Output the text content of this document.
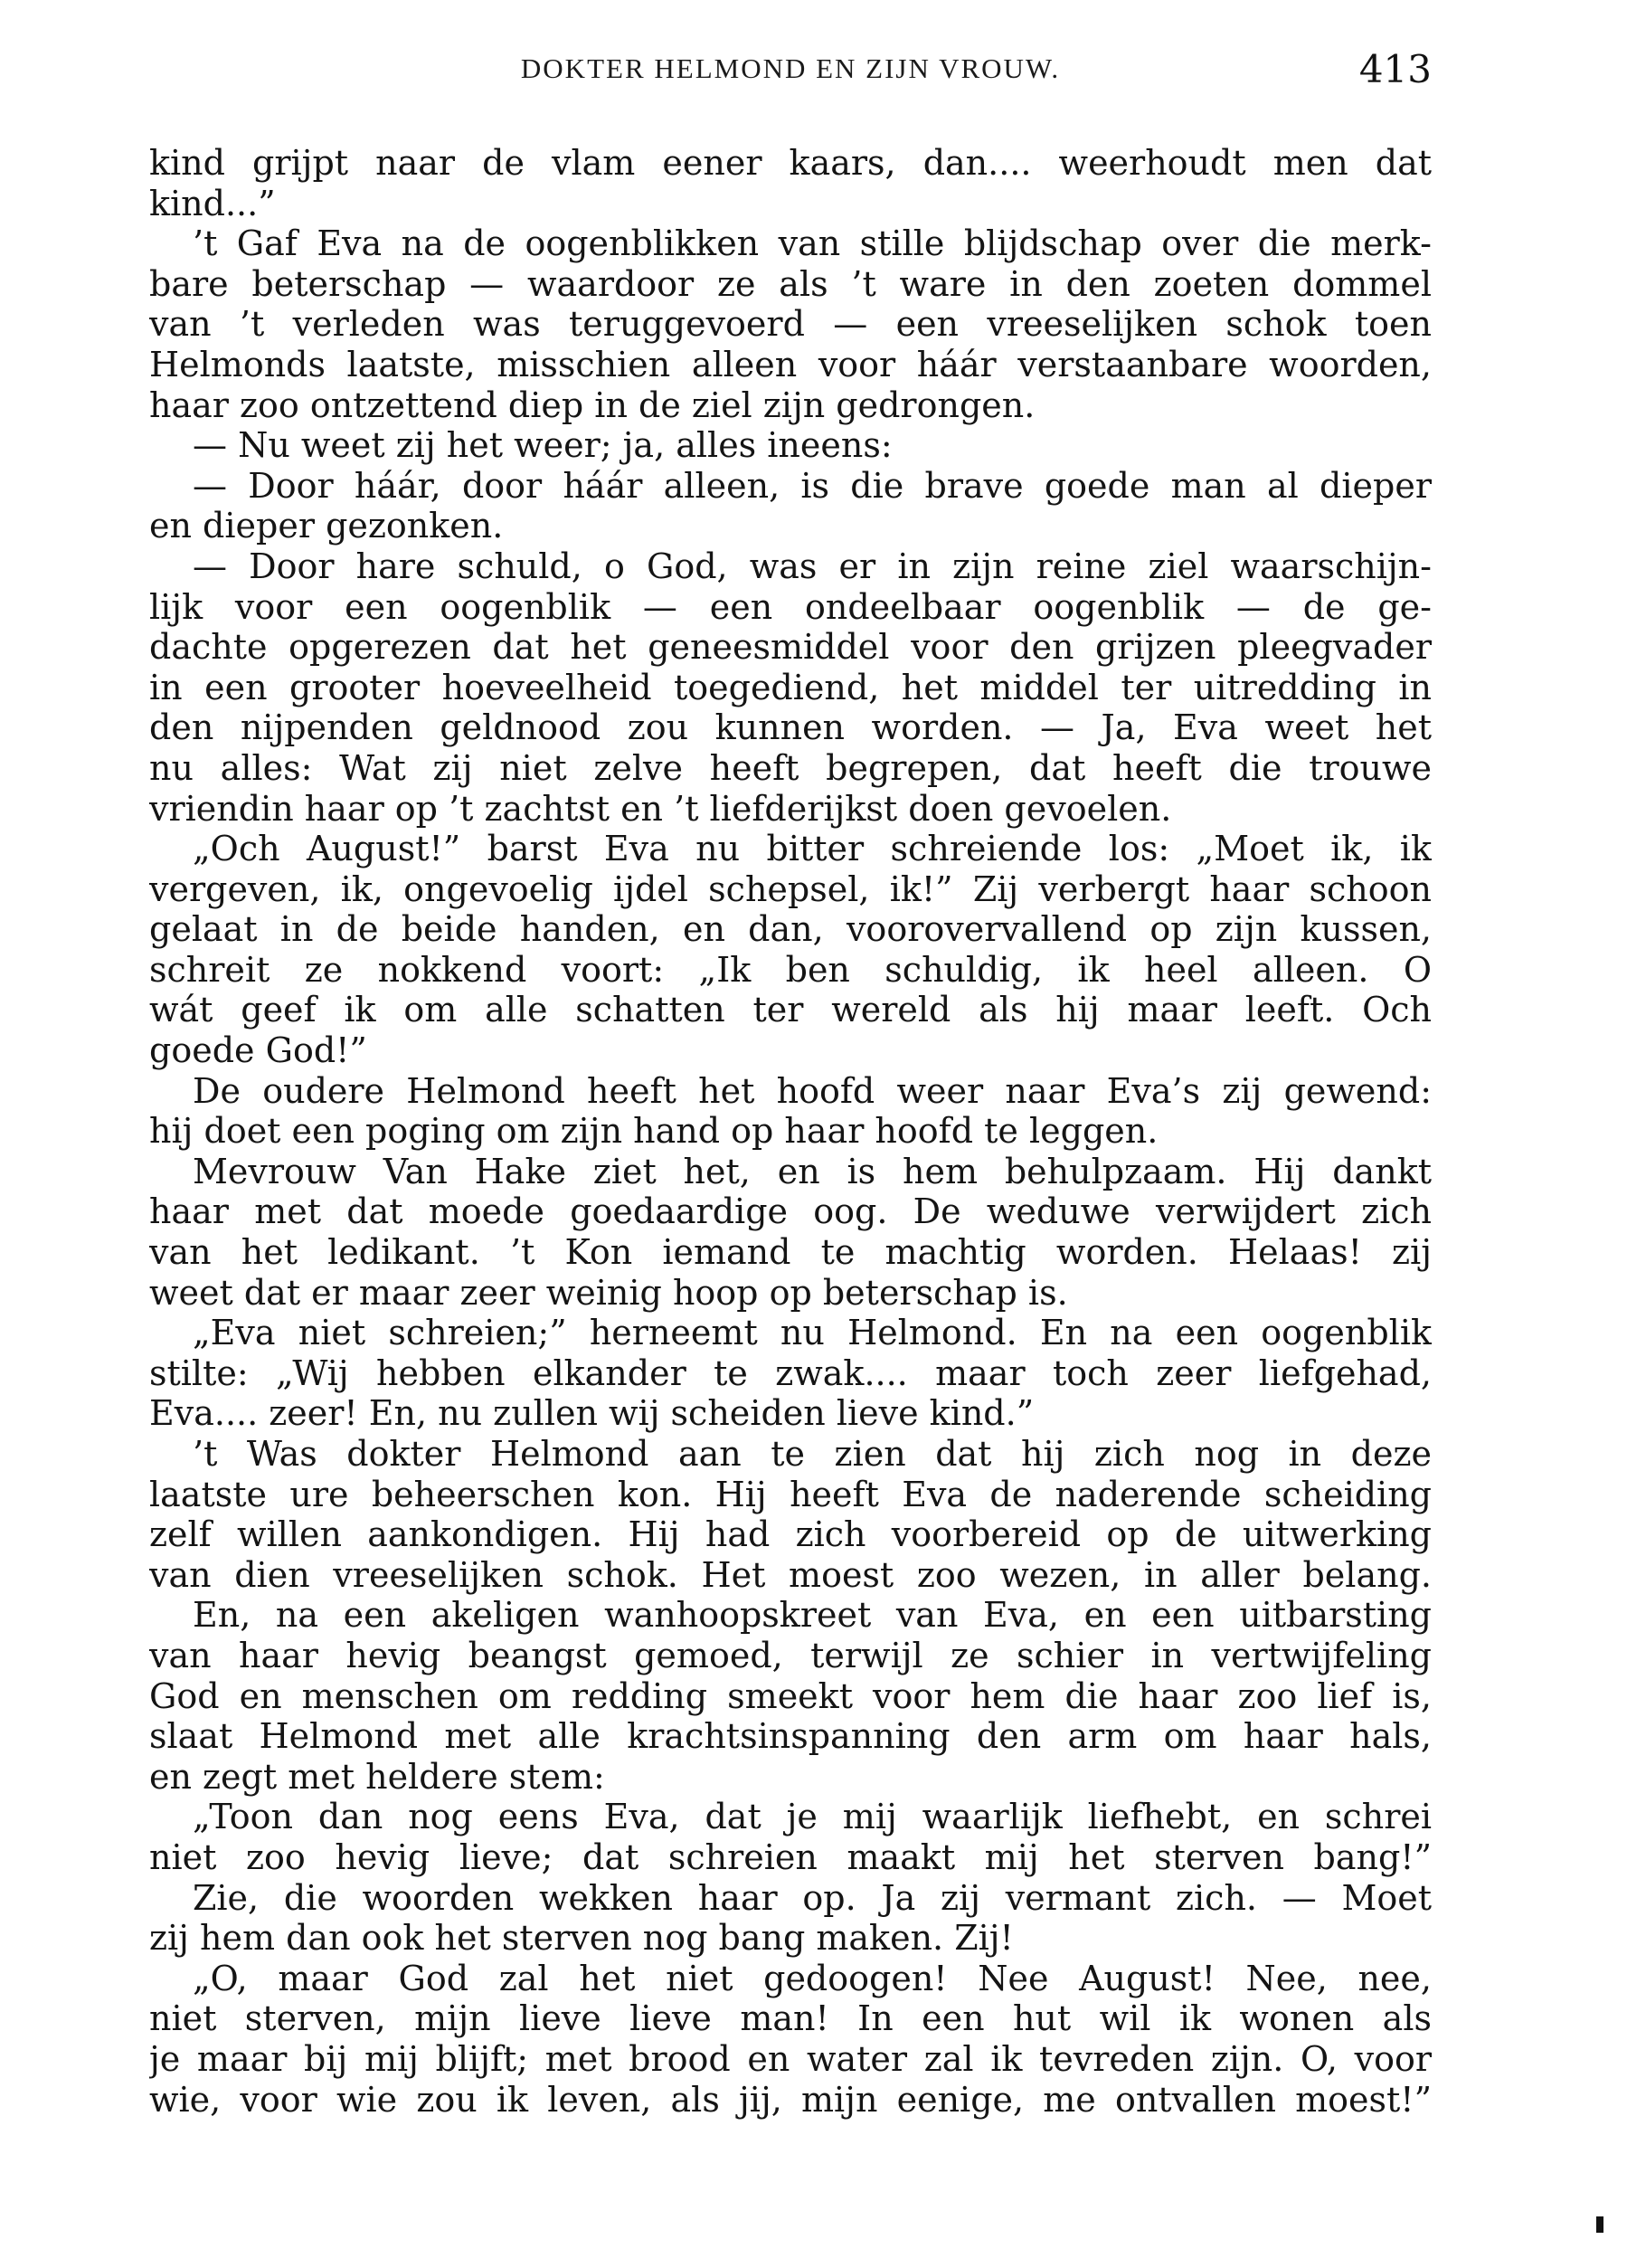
DOKTER HELMOND EN ZIJN VROUW.	413
kind grijpt naar de vlam eener kaars, dan.... weerhoudt men dat
kind...”
’t Gaf Eva na de oogenblikken van stille blijdschap over die merk-
bare beterschap — waardoor ze als ’t ware in den zoeten dommel
van ’t verleden was teruggevoerd — een vreeselijken schok toen
Helmonds laatste, misschien alleen voor háár verstaanbare woorden,
haar zoo ontzettend diep in de ziel zijn gedrongen.
— Nu weet zij het weer; ja, alles ineens:
— Door háár, door háár alleen, is die brave goede man al dieper
en dieper gezonken.
— Door hare schuld, o God, was er in zijn reine ziel waarschijn-
lijk voor een oogenblik — een ondeelbaar oogenblik — de ge-
dachte opgerezen dat het geneesmiddel voor den grijzen pleegvader
in een grooter hoeveelheid toegediend, het middel ter uitredding in
den nijpenden geldnood zou kunnen worden. — Ja, Eva weet het
nu alles: Wat zij niet zelve heeft begrepen, dat heeft die trouwe
vriendin haar op ’t zachtst en ’t liefderijkst doen gevoelen.
„Och August!” barst Eva nu bitter schreiende los: „Moet ik, ik
vergeven, ik, ongevoelig ijdel schepsel, ik!” Zij verbergt haar schoon
gelaat in de beide handen, en dan, voorovervallend op zijn kussen,
schreit ze nokkend voort: „Ik ben schuldig, ik heel alleen. O
wát geef ik om alle schatten ter wereld als hij maar leeft. Och
goede God!”
De oudere Helmond heeft het hoofd weer naar Eva’s zij gewend:
hij doet een poging om zijn hand op haar hoofd te leggen.
Mevrouw Van Hake ziet het, en is hem behulpzaam. Hij dankt
haar met dat moede goedaardige oog. De weduwe verwijdert zich
van het ledikant. ’t Kon iemand te machtig worden. Helaas! zij
weet dat er maar zeer weinig hoop op beterschap is.
„Eva niet schreien;” herneemt nu Helmond. En na een oogenblik
stilte: „Wij hebben elkander te zwak.... maar toch zeer liefgehad,
Eva.... zeer! En, nu zullen wij scheiden lieve kind.”
’t Was dokter Helmond aan te zien dat hij zich nog in deze
laatste ure beheerschen kon. Hij heeft Eva de naderende scheiding
zelf willen aankondigen. Hij had zich voorbereid op de uitwerking
van dien vreeselijken schok. Het moest zoo wezen, in aller belang.
En, na een akeligen wanhoopskreet van Eva, en een uitbarsting
van haar hevig beangst gemoed, terwijl ze schier in vertwijfeling
God en menschen om redding smeekt voor hem die haar zoo lief is,
slaat Helmond met alle krachtsinspanning den arm om haar hals,
en zegt met heldere stem:
„Toon dan nog eens Eva, dat je mij waarlijk liefhebt, en schrei
niet zoo hevig lieve; dat schreien maakt mij het sterven bang!”
Zie, die woorden wekken haar op. Ja zij vermant zich. — Moet
zij hem dan ook het sterven nog bang maken. Zij!
„O, maar God zal het niet gedoogen! Nee August! Nee, nee,
niet sterven, mijn lieve lieve man! In een hut wil ik wonen als
je maar bij mij blijft; met brood en water zal ik tevreden zijn. O, voor
wie, voor wie zou ik leven, als jij, mijn eenige, me ontvallen moest!”
